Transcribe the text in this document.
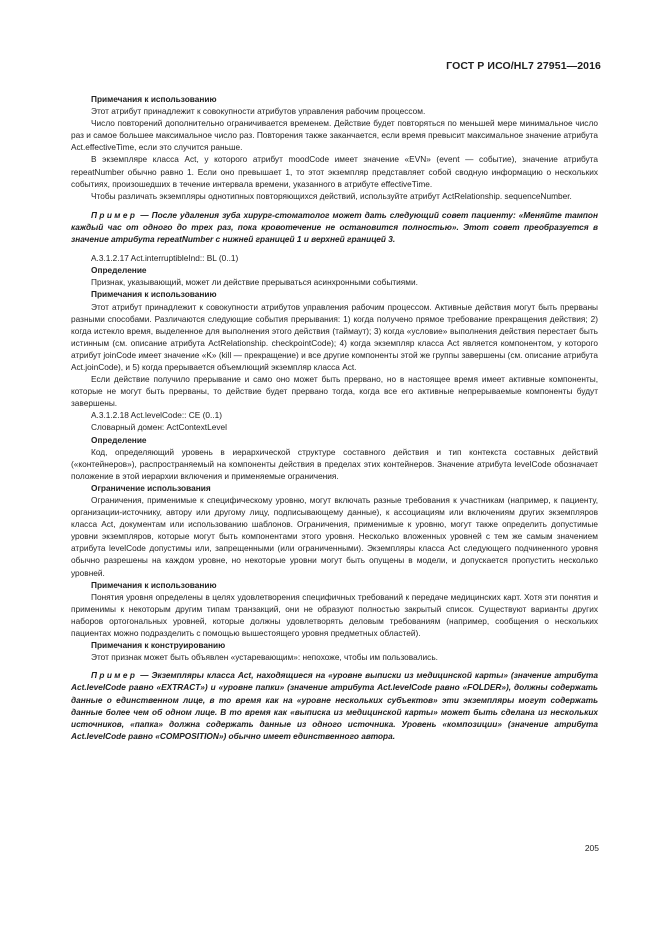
ГОСТ Р ИСО/HL7 27951—2016

Примечания к использованию

Этот атрибут принадлежит к совокупности атрибутов управления рабочим процессом.

Число повторений дополнительно ограничивается временем. Действие будет повторяться по меньшей мере минимальное число раз и самое большее максимальное число раз. Повторения также заканчается, если время превысит максимальное значение атрибута Act.effectiveTime, если это случится раньше.

В экземпляре класса Act, у которого атрибут moodCode имеет значение «EVN» (event — событие), значение атрибута repeatNumber обычно равно 1. Если оно превышает 1, то этот экземпляр представляет собой сводную информацию о нескольких событиях, произошедших в течение интервала времени, указанного в атрибуте effectiveTime.

Чтобы различать экземпляры однотипных повторяющихся действий, используйте атрибут ActRelationship. sequenceNumber.

Пример — После удаления зуба хирург-стоматолог может дать следующий совет пациенту: «Меняйте тампон каждый час от одного до трех раз, пока кровотечение не остановится полностью». Этот совет преобразуется в значение атрибута repeatNumber с нижней границей 1 и верхней границей 3.

A.3.1.2.17 Act.interruptibleInd:: BL (0..1)

Определение

Признак, указывающий, может ли действие прерываться асинхронными событиями.

Примечания к использованию

Этот атрибут принадлежит к совокупности атрибутов управления рабочим процессом. Активные действия могут быть прерваны разными способами. Различаются следующие события прерывания: 1) когда получено прямое требование прекращения действия; 2) когда истекло время, выделенное для выполнения этого действия (таймаут); 3) когда «условие» выполнения действия перестает быть истинным (см. описание атрибута ActRelationship. checkpointCode); 4) когда экземпляр класса Act является компонентом, у которого атрибут joinCode имеет значение «K» (kill — прекращение) и все другие компоненты этой же группы завершены (см. описание атрибута Act.joinCode), и 5) когда прерывается объемлющий экземпляр класса Act.

Если действие получило прерывание и само оно может быть прервано, но в настоящее время имеет активные компоненты, которые не могут быть прерваны, то действие будет прервано тогда, когда все его активные непрерываемые компоненты будут завершены.

A.3.1.2.18 Act.levelCode:: CE (0..1)

Словарный домен: ActContextLevel

Определение

Код, определяющий уровень в иерархической структуре составного действия и тип контекста составных действий («контейнеров»), распространяемый на компоненты действия в пределах этих контейнеров. Значение атрибута levelCode обозначает положение в этой иерархии включения и применяемые ограничения.

Ограничение использования

Ограничения, применимые к специфическому уровню, могут включать разные требования к участникам (например, к пациенту, организации-источнику, автору или другому лицу, подписывающему данные), к ассоциациям или включениям других экземпляров класса Act, документам или использованию шаблонов. Ограничения, применимые к уровню, могут также определить допустимые уровни экземпляров, которые могут быть компонентами этого уровня. Несколько вложенных уровней с тем же самым значением атрибута levelCode допустимы или, запрещенными (или ограниченными). Экземпляры класса Act следующего подчиненного уровня обычно разрешены на каждом уровне, но некоторые уровни могут быть опущены в модели, и допускается пропустить несколько уровней.

Примечания к использованию

Понятия уровня определены в целях удовлетворения специфичных требований к передаче медицинских карт. Хотя эти понятия и применимы к некоторым другим типам транзакций, они не образуют полностью закрытый список. Существуют варианты других наборов ортогональных уровней, которые должны удовлетворять деловым требованиям (например, сообщения о нескольких пациентах можно подразделить с помощью вышестоящего уровня предметных областей).

Примечания к конструированию

Этот признак может быть объявлен «устаревающим»: непохоже, чтобы им пользовались.

Пример — Экземпляры класса Act, находящиеся на «уровне выписки из медицинской карты» (значение атрибута Act.levelCode равно «EXTRACT») и «уровне папки» (значение атрибута Act.levelCode равно «FOLDER»), должны содержать данные о единственном лице, в то время как на «уровне нескольких субъектов» эти экземпляры могут содержать данные более чем об одном лице. В то время как «выписка из медицинской карты» может быть сделана из нескольких источников, «папка» должна содержать данные из одного источника. Уровень «композиции» (значение атрибута Act.levelCode равно «COMPOSITION») обычно имеет единственного автора.

205
